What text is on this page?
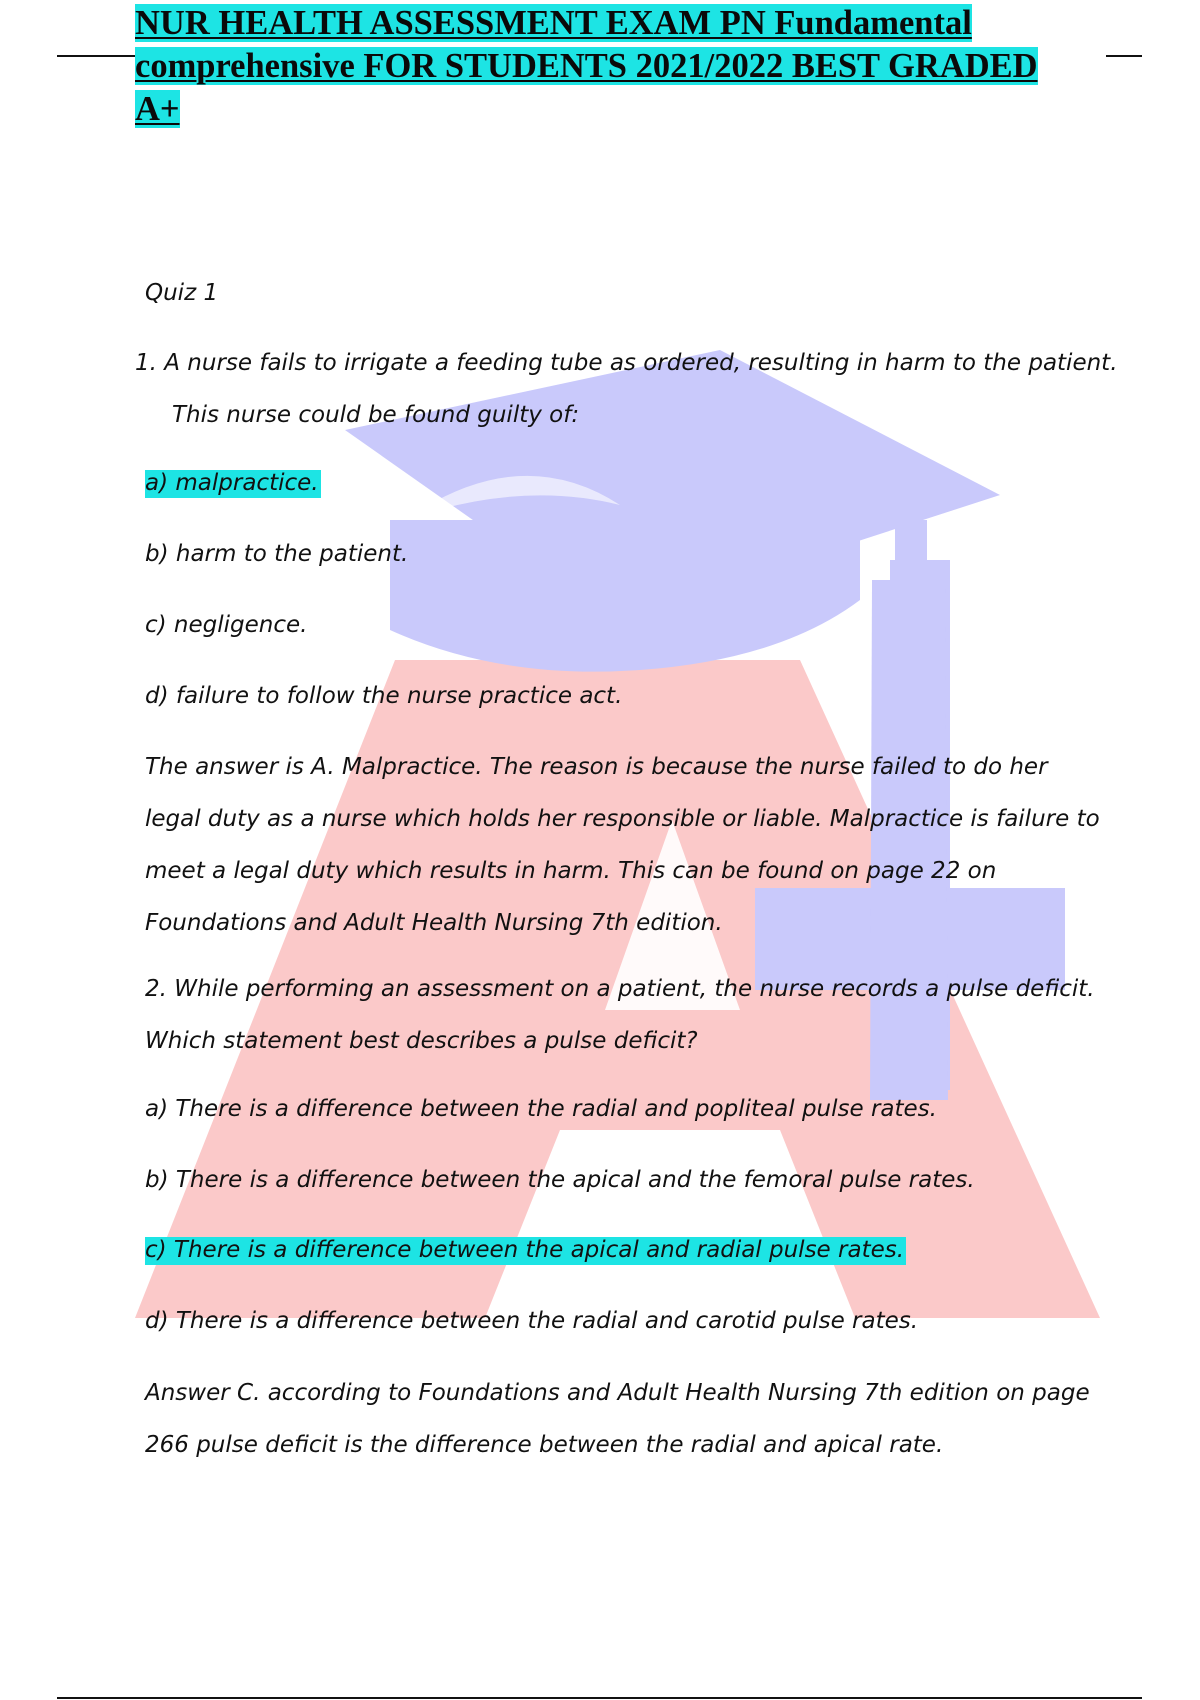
NUR HEALTH ASSESSMENT EXAM PN Fundamental comprehensive FOR STUDENTS 2021/2022 BEST GRADED A+
Quiz 1
1. A nurse fails to irrigate a feeding tube as ordered, resulting in harm to the patient.
This nurse could be found guilty of:
a) malpractice.
b) harm to the patient.
c) negligence.
d) failure to follow the nurse practice act.

The answer is A. Malpractice. The reason is because the nurse failed to do her legal duty as a nurse which holds her responsible or liable. Malpractice is failure to meet a legal duty which results in harm. This can be found on page 22 on Foundations and Adult Health Nursing 7th edition.

2. While performing an assessment on a patient, the nurse records a pulse deficit. Which statement best describes a pulse deficit?

a) There is a difference between the radial and popliteal pulse rates.
b) There is a difference between the apical and the femoral pulse rates.
c) There is a difference between the apical and radial pulse rates.
d) There is a difference between the radial and carotid pulse rates.

Answer C. according to Foundations and Adult Health Nursing 7th edition on page 266 pulse deficit is the difference between the radial and apical rate.
